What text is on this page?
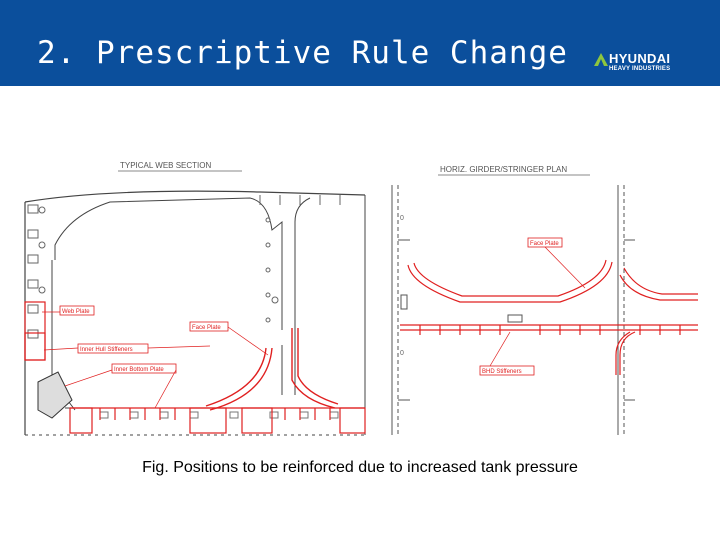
2. Prescriptive Rule Change	HYUNDAI
HEAVY INDUSTRIES
TYPICAL WEB SECTION
Web Plate
Face Plate
Inner Hull Stiffeners
Inner Bottom Plate
HORIZ. GIRDER/STRINGER PLAN
0
0
Face Plate
BHD Stiffeners
Fig. Positions to be reinforced due to increased tank pressure
